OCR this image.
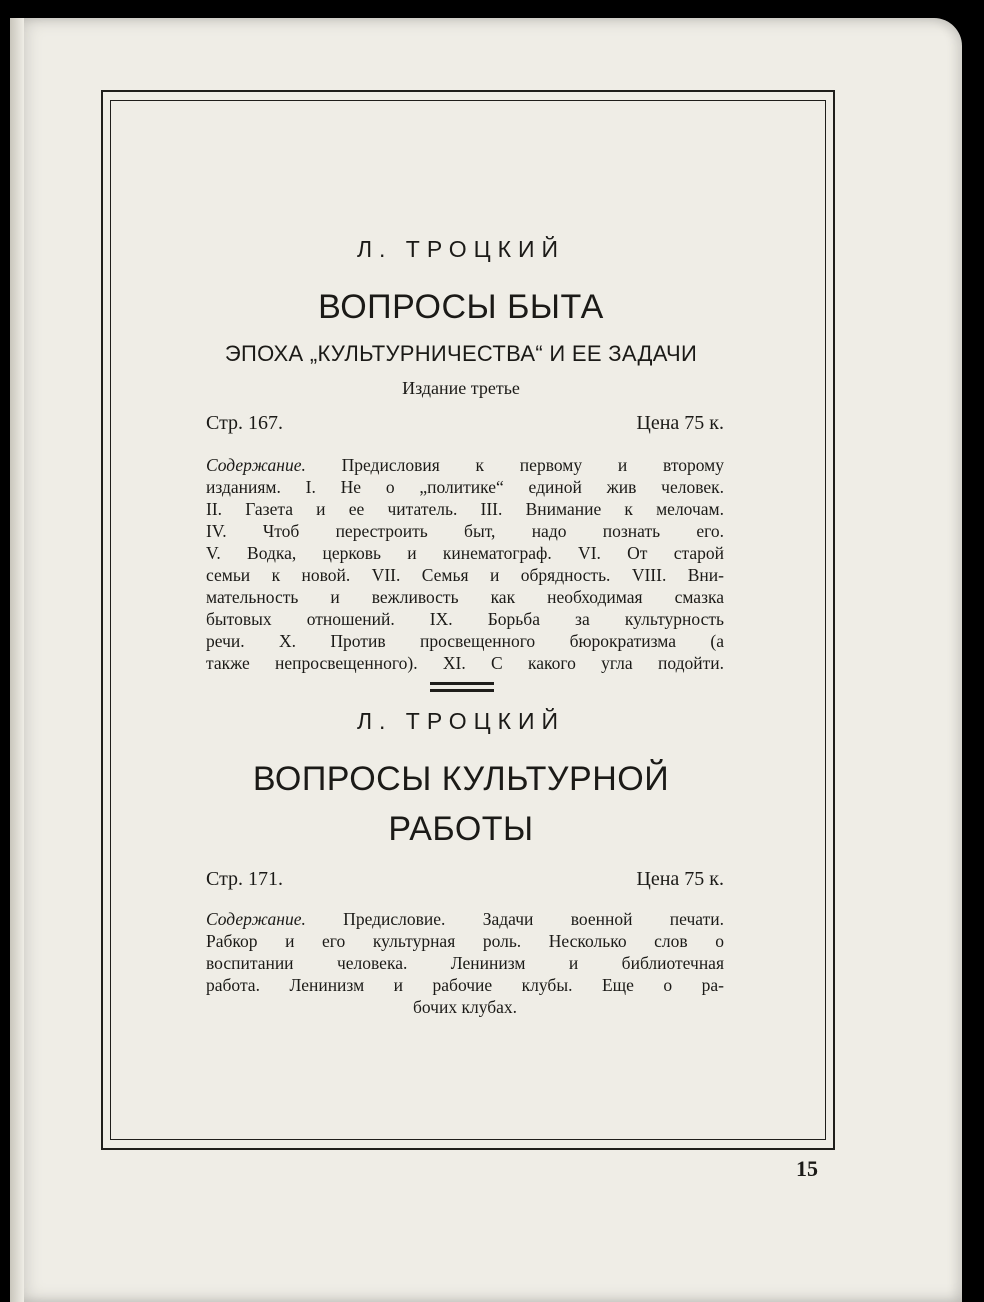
Л. ТРОЦКИЙ
ВОПРОСЫ БЫТА
ЭПОХА „КУЛЬТУРНИЧЕСТВА“ И ЕЕ ЗАДАЧИ
Издание третье
Стр. 167.	Цена 75 к.
Содержание. Предисловия к первому и второму
изданиям. I. Не о „политике“ единой жив человек.
II. Газета и ее читатель. III. Внимание к мелочам.
IV. Чтоб перестроить быт, надо познать его.
V. Водка, церковь и кинематограф. VI. От старой
семьи к новой. VII. Семья и обрядность. VIII. Вни-
мательность и вежливость как необходимая смазка
бытовых отношений. IX. Борьба за культурность
речи. X. Против просвещенного бюрократизма (а
также непросвещенного). XI. С какого угла подойти.
Л. ТРОЦКИЙ
ВОПРОСЫ КУЛЬТУРНОЙ
РАБОТЫ
Стр. 171.	Цена 75 к.
Содержание. Предисловие. Задачи военной печати.
Рабкор и его культурная роль. Несколько слов о
воспитании человека. Ленинизм и библиотечная
работа. Ленинизм и рабочие клубы. Еще о ра-
бочих клубах.
15
